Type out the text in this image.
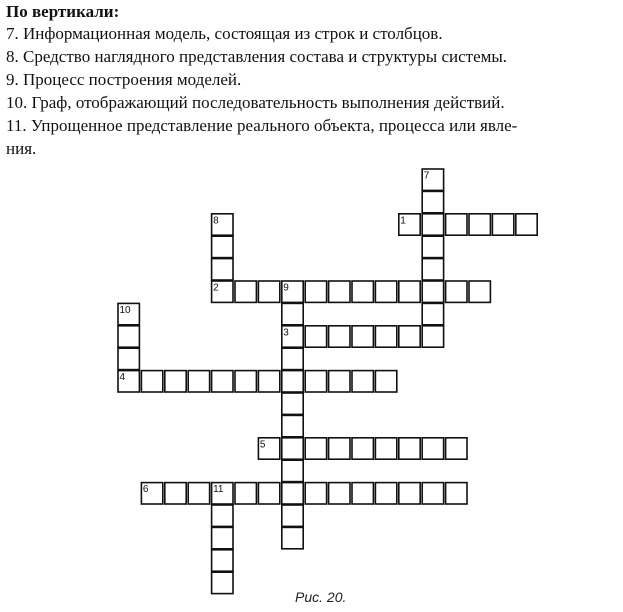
По вертикали:
7. Информационная модель, состоящая из строк и столбцов.
8. Средство наглядного представления состава и структуры системы.
9. Процесс построения моделей.
10. Граф, отображающий последовательность выполнения действий.
11. Упрощенное представление реального объекта, процесса или явле-
ния.
1
2
3
4
5
6
7
8
9
10
11
Рис. 20.
